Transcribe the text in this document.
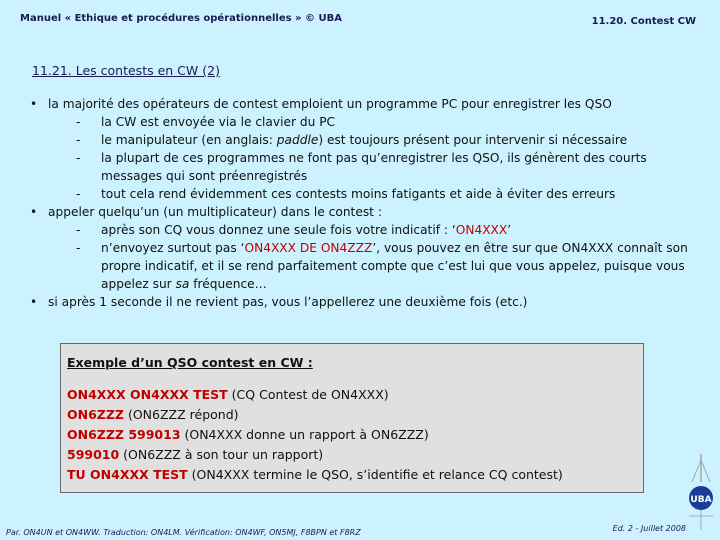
Manuel « Ethique et procédures opérationnelles » © UBA	11.20. Contest CW
11.21. Les contests en CW (2)
• la majorité des opérateurs de contest emploient un programme PC pour enregistrer les QSO
- la CW est envoyée via le clavier du PC
- le manipulateur (en anglais: paddle) est toujours présent pour intervenir si nécessaire
- la plupart de ces programmes ne font pas qu’enregistrer les QSO, ils génèrent des courts messages qui sont préenregistrés
- tout cela rend évidemment ces contests moins fatigants et aide à éviter des erreurs
• appeler quelqu’un (un multiplicateur) dans le contest :
- après son CQ vous donnez une seule fois votre indicatif : ‘ON4XXX’
- n’envoyez surtout pas ‘ON4XXX DE ON4ZZZ’, vous pouvez en être sur que ON4XXX connaît son propre indicatif, et il se rend parfaitement compte que c’est lui que vous appelez, puisque vous appelez sur sa fréquence…
• si après 1 seconde il ne revient pas, vous l’appellerez une deuxième fois (etc.)
Exemple d’un QSO contest en CW :
ON4XXX ON4XXX TEST (CQ Contest de ON4XXX)
ON6ZZZ (ON6ZZZ répond)
ON6ZZZ 599013 (ON4XXX donne un rapport à ON6ZZZ)
599010 (ON6ZZZ à son tour un rapport)
TU ON4XXX TEST (ON4XXX termine le QSO, s’identifie et relance CQ contest)
Par. ON4UN et ON4WW. Traduction: ON4LM. Vérification: ON4WF, ON5MJ, F8BPN et F8RZ	Ed. 2 - Juillet 2008
UBA
